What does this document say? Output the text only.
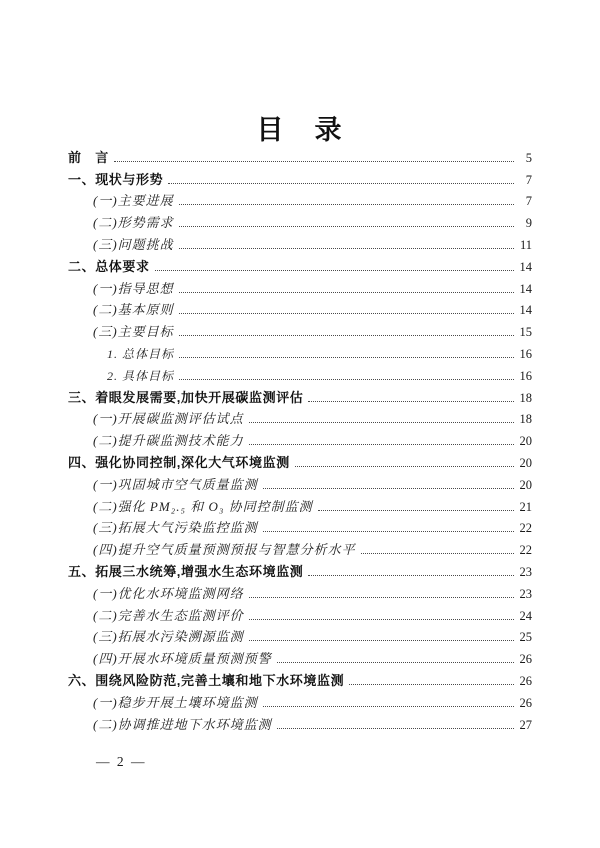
目　录
前　言	5
一、现状与形势	7
(一)主要进展	7
(二)形势需求	9
(三)问题挑战	11
二、总体要求	14
(一)指导思想	14
(二)基本原则	14
(三)主要目标	15
1. 总体目标	16
2. 具体目标	16
三、着眼发展需要,加快开展碳监测评估	18
(一)开展碳监测评估试点	18
(二)提升碳监测技术能力	20
四、强化协同控制,深化大气环境监测	20
(一)巩固城市空气质量监测	20
(二)强化 PM₂.₅ 和 O₃ 协同控制监测	21
(三)拓展大气污染监控监测	22
(四)提升空气质量预测预报与智慧分析水平	22
五、拓展三水统筹,增强水生态环境监测	23
(一)优化水环境监测网络	23
(二)完善水生态监测评价	24
(三)拓展水污染溯源监测	25
(四)开展水环境质量预测预警	26
六、围绕风险防范,完善土壤和地下水环境监测	26
(一)稳步开展土壤环境监测	26
(二)协调推进地下水环境监测	27
— 2 —
